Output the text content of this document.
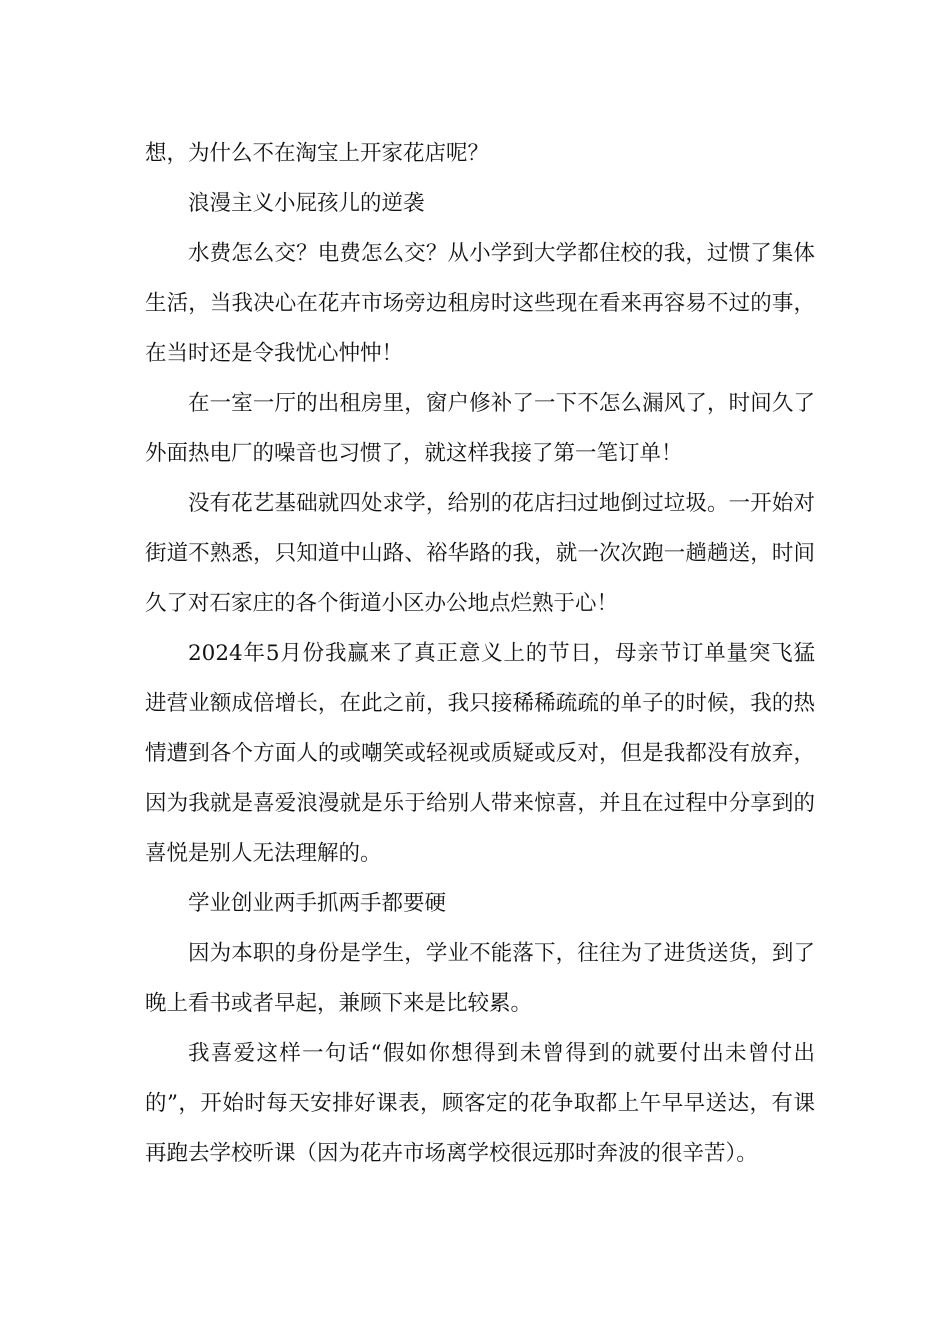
想，为什么不在淘宝上开家花店呢？

浪漫主义小屁孩儿的逆袭

水费怎么交？电费怎么交？从小学到大学都住校的我，过惯了集体生活，当我决心在花卉市场旁边租房时这些现在看来再容易不过的事，在当时还是令我忧心忡忡！

在一室一厅的出租房里，窗户修补了一下不怎么漏风了，时间久了外面热电厂的噪音也习惯了，就这样我接了第一笔订单！

没有花艺基础就四处求学，给别的花店扫过地倒过垃圾。一开始对街道不熟悉，只知道中山路、裕华路的我，就一次次跑一趟趟送，时间久了对石家庄的各个街道小区办公地点烂熟于心！

2024年5月份我赢来了真正意义上的节日，母亲节订单量突飞猛进营业额成倍增长，在此之前，我只接稀稀疏疏的单子的时候，我的热情遭到各个方面人的或嘲笑或轻视或质疑或反对，但是我都没有放弃，因为我就是喜爱浪漫就是乐于给别人带来惊喜，并且在过程中分享到的喜悦是别人无法理解的。

学业创业两手抓两手都要硬

因为本职的身份是学生，学业不能落下，往往为了进货送货，到了晚上看书或者早起，兼顾下来是比较累。

我喜爱这样一句话“假如你想得到未曾得到的就要付出未曾付出的”，开始时每天安排好课表，顾客定的花争取都上午早早送达，有课再跑去学校听课（因为花卉市场离学校很远那时奔波的很辛苦）。
